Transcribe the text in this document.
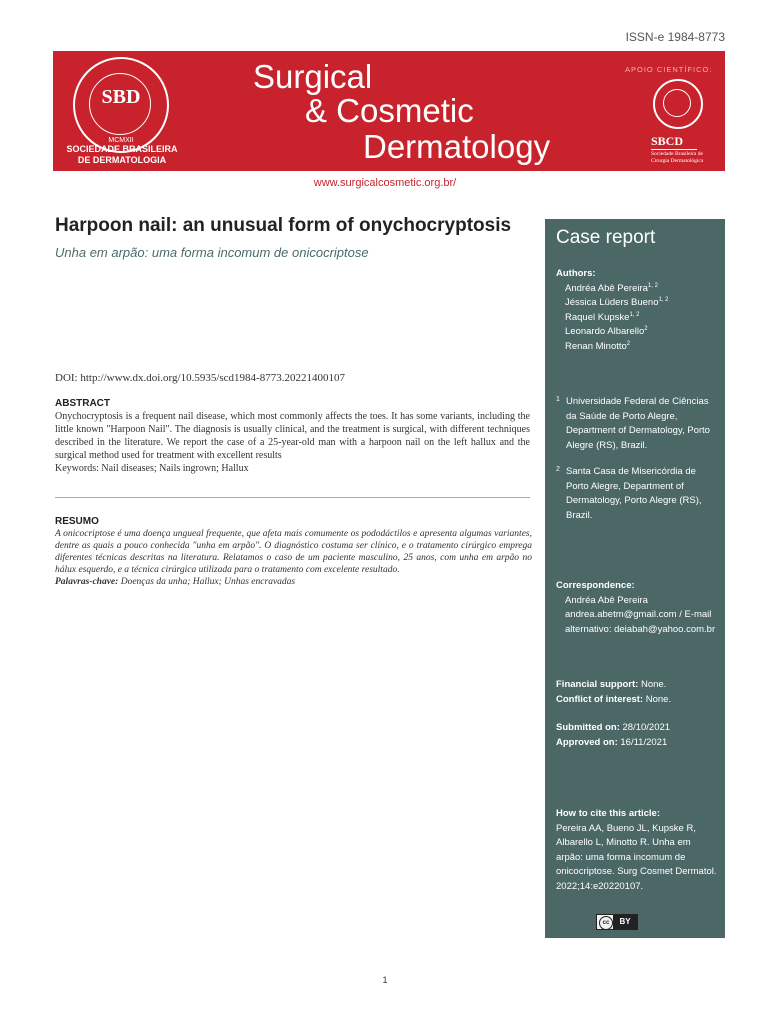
ISSN-e 1984-8773
SBD
MCMXII
SOCIEDADE BRASILEIRA
DE DERMATOLOGIA
Surgical
& Cosmetic
Dermatology
APOIO CIENTÍFICO:
SBCD
Sociedade Brasileira de
Cirurgia Dermatológica
www.surgicalcosmetic.org.br/
Harpoon nail: an unusual form of onychocryptosis
Unha em arpão: uma forma incomum de onicocriptose
DOI: http://www.dx.doi.org/10.5935/scd1984-8773.20221400107
ABSTRACT
Onychocryptosis is a frequent nail disease, which most commonly affects the toes. It has some variants, including the little known "Harpoon Nail". The diagnosis is usually clinical, and the treatment is surgical, with different techniques described in the literature. We report the case of a 25-year-old man with a harpoon nail on the left hallux and the surgical method used for treatment with excellent results
Keywords: Nail diseases; Nails ingrown; Hallux
RESUMO
A onicocriptose é uma doença ungueal frequente, que afeta mais comumente os pododáctilos e apresenta algumas variantes, dentre as quais a pouco conhecida "unha em arpão". O diagnóstico costuma ser clínico, e o tratamento cirúrgico emprega diferentes técnicas descritas na literatura. Relatamos o caso de um paciente masculino, 25 anos, com unha em arpão no hálux esquerdo, e a técnica cirúrgica utilizada para o tratamento com excelente resultado.
Palavras-chave: Doenças da unha; Hallux; Unhas encravadas
Case report
Authors:
Andréa Abê Pereira$^{1, 2}$
Jéssica Lüders Bueno$^{1, 2}$
Raquel Kupske$^{1, 2}$
Leonardo Albarello$^2$
Renan Minotto$^2$
1 Universidade Federal de Ciências da Saúde de Porto Alegre, Department of Dermatology, Porto Alegre (RS), Brazil.
2 Santa Casa de Misericórdia de Porto Alegre, Department of Dermatology, Porto Alegre (RS), Brazil.
Correspondence:
Andréa Abê Pereira
andrea.abetm@gmail.com / E-mail alternativo: deiabah@yahoo.com.br
Financial support: None.
Conflict of interest: None.
Submitted on: 28/10/2021
Approved on: 16/11/2021
How to cite this article:
Pereira AA, Bueno JL, Kupske R, Albarello L, Minotto R. Unha em arpão: uma forma incomum de onicocriptose. Surg Cosmet Dermatol. 2022;14:e20220107.
cc	BY
1
